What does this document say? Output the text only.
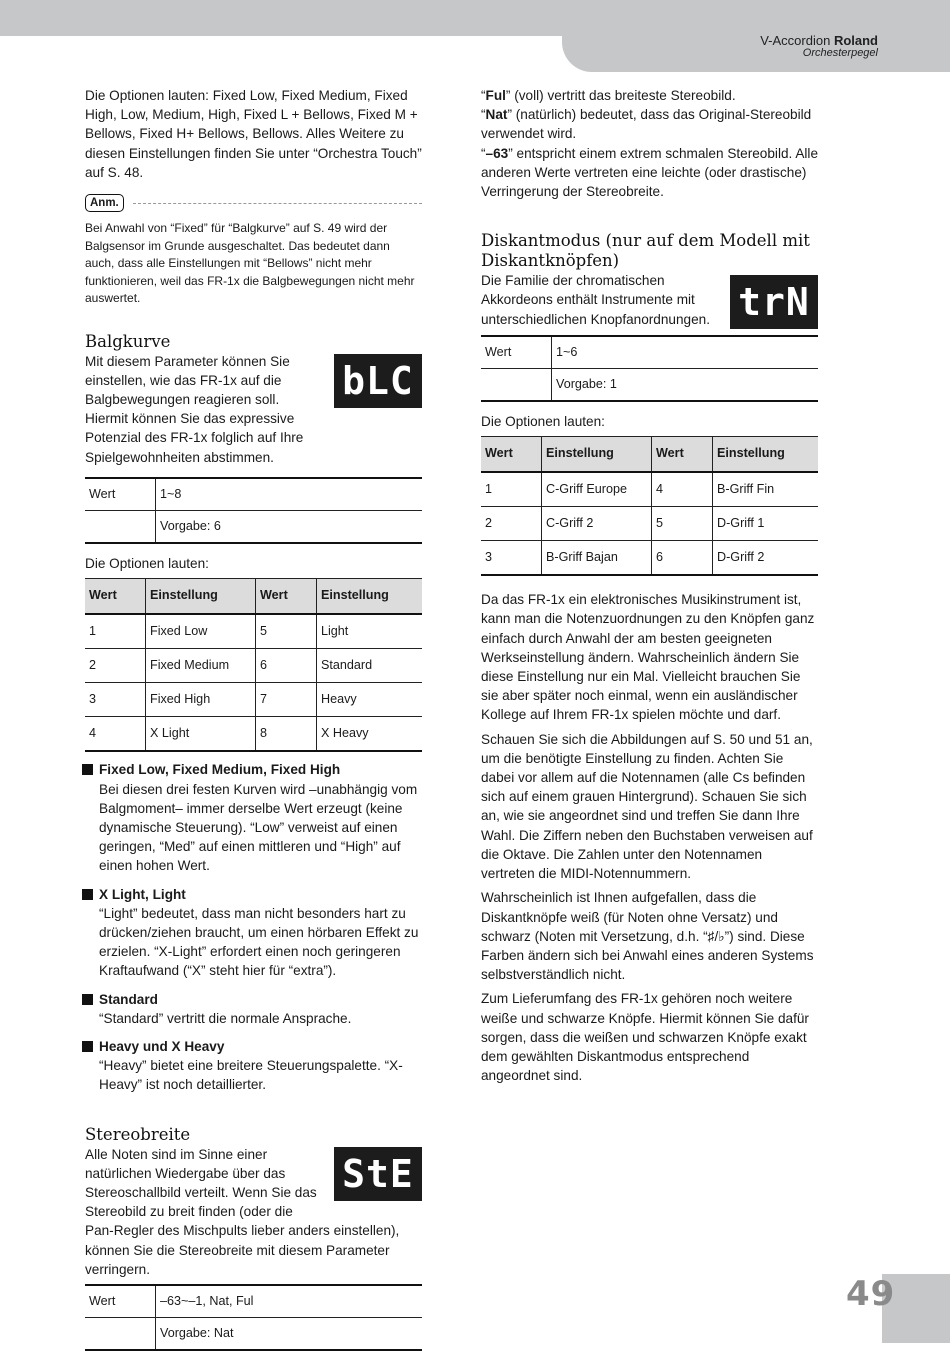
V-Accordion Roland
Orchesterpegel

Die Optionen lauten: Fixed Low, Fixed Medium, Fixed High, Low, Medium, High, Fixed L + Bellows, Fixed M + Bellows, Fixed H+ Bellows, Bellows. Alles Weitere zu diesen Einstellungen finden Sie unter “Orchestra Touch” auf S. 48.

Anm.
Bei Anwahl von “Fixed” für “Balgkurve” auf S. 49 wird der Balgsensor im Grunde ausgeschaltet. Das bedeutet dann auch, dass alle Einstellungen mit “Bellows” nicht mehr funktionieren, weil das FR-1x die Balgbewegungen nicht mehr auswertet.
Balgkurve
bLC

Mit diesem Parameter können Sie einstellen, wie das FR-1x auf die Balgbewegungen reagieren soll. Hiermit können Sie das expressive Potenzial des FR-1x folglich auf Ihre Spielgewohnheiten abstimmen.

Wert	1~8
	Vorgabe: 6

Die Optionen lauten:

Wert	Einstellung	Wert	Einstellung
1	Fixed Low	5	Light
2	Fixed Medium	6	Standard
3	Fixed High	7	Heavy
4	X Light	8	X Heavy
Fixed Low, Fixed Medium, Fixed High
Bei diesen drei festen Kurven wird –unabhängig vom Balgmoment– immer derselbe Wert erzeugt (keine dynamische Steuerung). “Low” verweist auf einen geringen, “Med” auf einen mittleren und “High” auf einen hohen Wert.
X Light, Light
“Light” bedeutet, dass man nicht besonders hart zu drücken/ziehen braucht, um einen hörbaren Effekt zu erzielen. “X-Light” erfordert einen noch geringeren Kraftaufwand (“X” steht hier für “extra”).
Standard
“Standard” vertritt die normale Ansprache.
Heavy und X Heavy
“Heavy” bietet eine breitere Steuerungspalette. “X-Heavy” ist noch detaillierter.
Stereobreite
StE

Alle Noten sind im Sinne einer natürlichen Wiedergabe über das Stereoschallbild verteilt. Wenn Sie das Stereobild zu breit finden (oder die Pan-Regler des Mischpults lieber anders einstellen), können Sie die Stereobreite mit diesem Parameter verringern.

Wert	–63~–1, Nat, Ful
	Vorgabe: Nat
“Ful” (voll) vertritt das breiteste Stereobild.
“Nat” (natürlich) bedeutet, dass das Original-Stereobild verwendet wird.
“–63” entspricht einem extrem schmalen Stereobild. Alle anderen Werte vertreten eine leichte (oder drastische) Verringerung der Stereobreite.
Diskantmodus (nur auf dem Modell mit Diskantknöpfen)
trN

Die Familie der chromatischen Akkordeons enthält Instrumente mit unterschiedlichen Knopfanordnungen.

Wert	1~6
	Vorgabe: 1

Die Optionen lauten:

Wert	Einstellung	Wert	Einstellung
1	C-Griff Europe	4	B-Griff Fin
2	C-Griff 2	5	D-Griff 1
3	B-Griff Bajan	6	D-Griff 2

Da das FR-1x ein elektronisches Musikinstrument ist, kann man die Notenzuordnungen zu den Knöpfen ganz einfach durch Anwahl der am besten geeigneten Werkseinstellung ändern. Wahrscheinlich ändern Sie diese Einstellung nur ein Mal. Vielleicht brauchen Sie sie aber später noch einmal, wenn ein ausländischer Kollege auf Ihrem FR-1x spielen möchte und darf.

Schauen Sie sich die Abbildungen auf S. 50 und 51 an, um die benötigte Einstellung zu finden. Achten Sie dabei vor allem auf die Notennamen (alle Cs befinden sich auf einem grauen Hintergrund). Schauen Sie sich an, wie sie angeordnet sind und treffen Sie dann Ihre Wahl. Die Ziffern neben den Buchstaben verweisen auf die Oktave. Die Zahlen unter den Notennamen vertreten die MIDI-Notennummern.

Wahrscheinlich ist Ihnen aufgefallen, dass die Diskantknöpfe weiß (für Noten ohne Versatz) und schwarz (Noten mit Versetzung, d.h. “♯/♭”) sind. Diese Farben ändern sich bei Anwahl eines anderen Systems selbstverständlich nicht.

Zum Lieferumfang des FR-1x gehören noch weitere weiße und schwarze Knöpfe. Hiermit können Sie dafür sorgen, dass die weißen und schwarzen Knöpfe exakt dem gewählten Diskantmodus entsprechend angeordnet sind.

49
